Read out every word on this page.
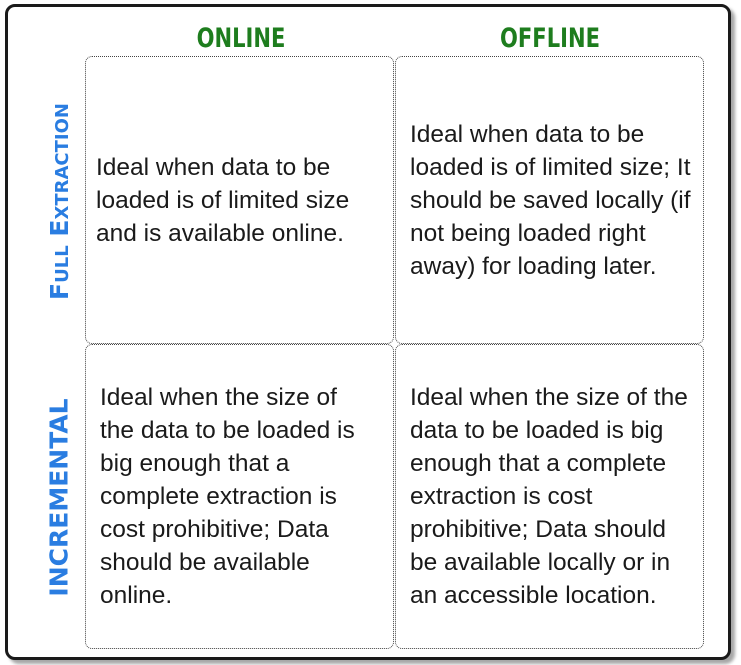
ONLINE	OFFLINE
Full Extraction
INCREMENTAL

Ideal when data to be loaded is of limited size and is available online.

Ideal when data to be loaded is of limited size; It should be saved locally (if not being loaded right away) for loading later.

Ideal when the size of the data to be loaded is big enough that a complete extraction is cost prohibitive; Data should be available online.

Ideal when the size of the data to be loaded is big enough that a complete extraction is cost prohibitive; Data should be available locally or in an accessible location.
